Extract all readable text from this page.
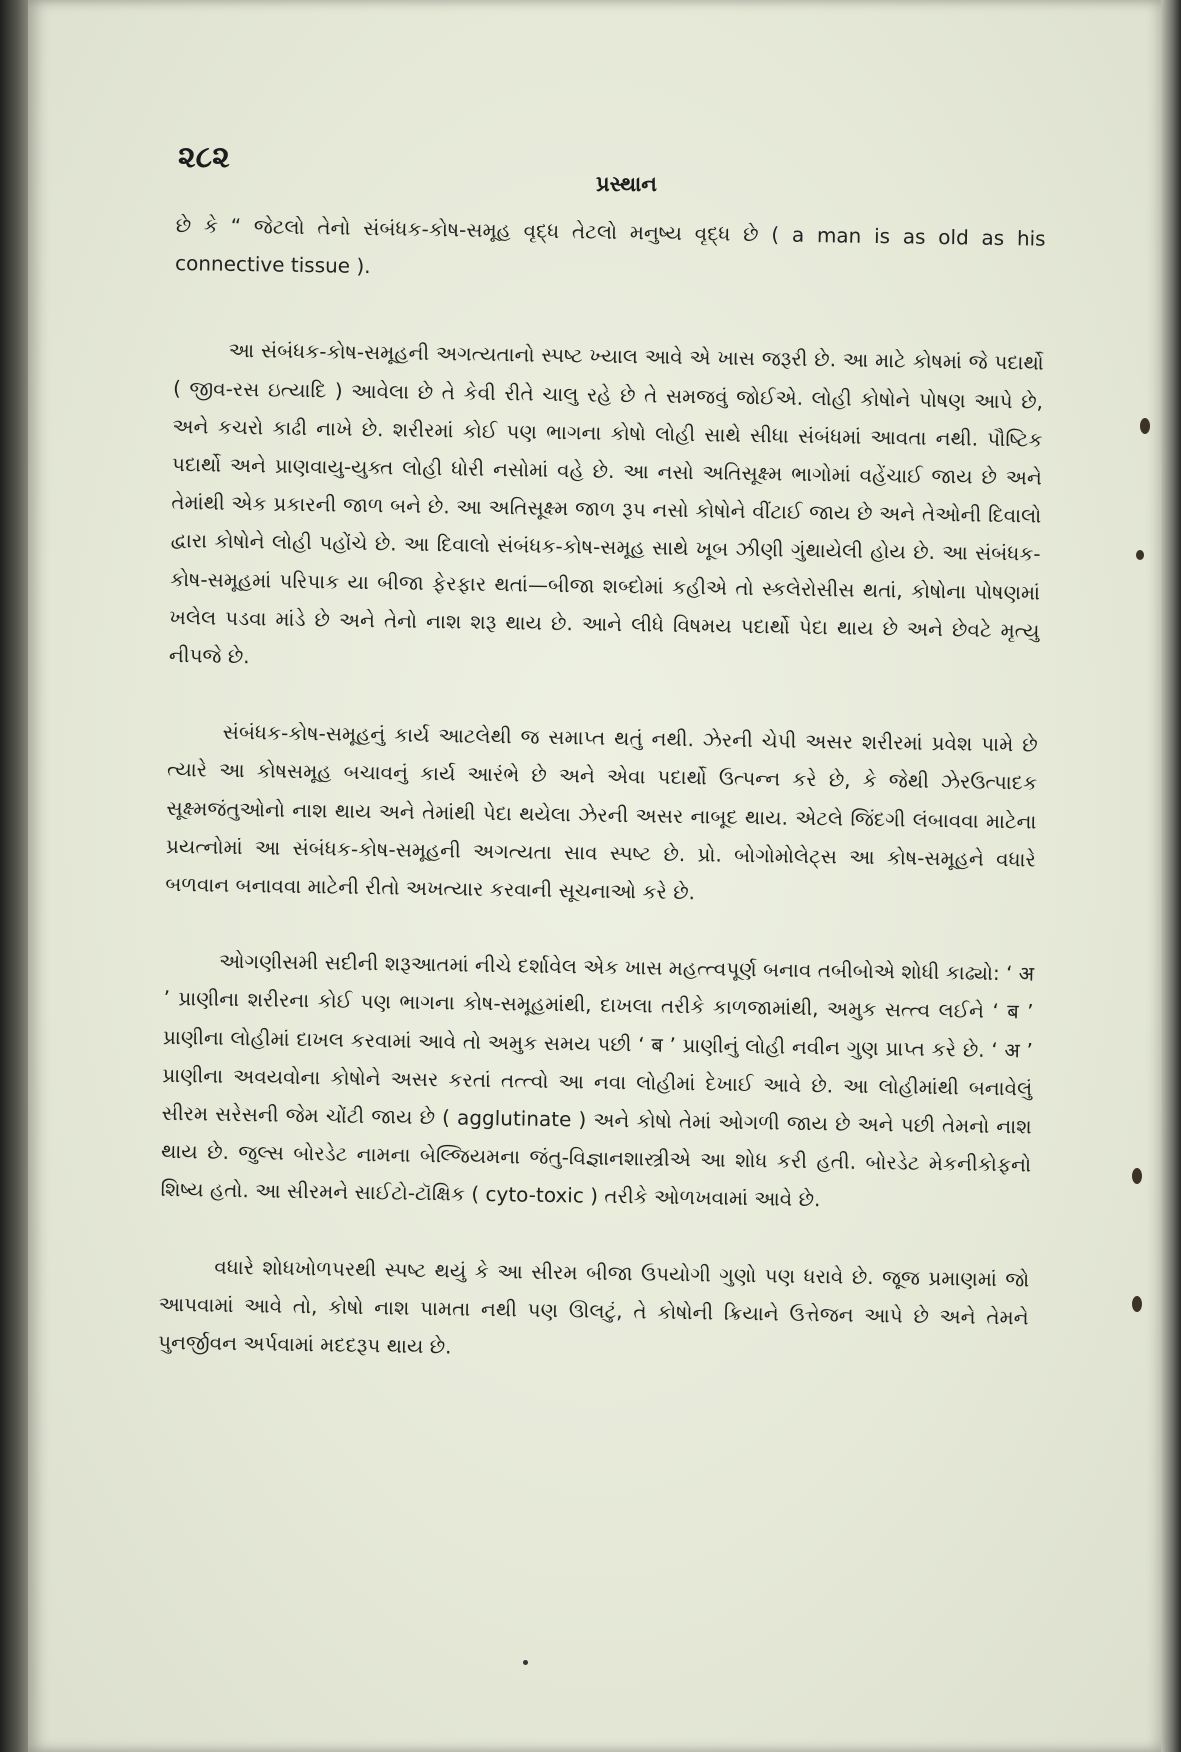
૨૮૨
પ્રસ્થાન

છે કે “ જેટલો તેનો સંબંધક-કોષ-સમૂહ વૃદ્ધ તેટલો મનુષ્ય વૃદ્ધ છે ( a man is as old as his connective tissue ).

આ સંબંધક-કોષ-સમૂહની અગત્યતાનો સ્પષ્ટ ખ્યાલ આવે એ ખાસ જરૂરી છે. આ માટે કોષમાં જે પદાર્થો ( જીવ-રસ ઇત્યાદિ ) આવેલા છે તે કેવી રીતે ચાલુ રહે છે તે સમજવું જોઈએ. લોહી કોષોને પોષણ આપે છે, અને કચરો કાઢી નાખે છે. શરીરમાં કોઈ પણ ભાગના કોષો લોહી સાથે સીધા સંબંધમાં આવતા નથી. પૌષ્ટિક પદાર્થો અને પ્રાણવાયુ-યુક્ત લોહી ધોરી નસોમાં વહે છે. આ નસો અતિસૂક્ષ્મ ભાગોમાં વહેંચાઈ જાય છે અને તેમાંથી એક પ્રકારની જાળ બને છે. આ અતિસૂક્ષ્મ જાળ રૂપ નસો કોષોને વીંટાઈ જાય છે અને તેઓની દિવાલો દ્વારા કોષોને લોહી પહોંચે છે. આ દિવાલો સંબંધક-કોષ-સમૂહ સાથે ખૂબ ઝીણી ગુંથાયેલી હોય છે. આ સંબંધક-કોષ-સમૂહમાં પરિપાક યા બીજા ફેરફાર થતાં—બીજા શબ્દોમાં કહીએ તો સ્કલેરોસીસ થતાં, કોષોના પોષણમાં ખલેલ પડવા માંડે છે અને તેનો નાશ શરૂ થાય છે. આને લીધે વિષમય પદાર્થો પેદા થાય છે અને છેવટે મૃત્યુ નીપજે છે.

સંબંધક-કોષ-સમૂહનું કાર્ય આટલેથી જ સમાપ્ત થતું નથી. ઝેરની ચેપી અસર શરીરમાં પ્રવેશ પામે છે ત્યારે આ કોષસમૂહ બચાવનું કાર્ય આરંભે છે અને એવા પદાર્થો ઉત્પન્ન કરે છે, કે જેથી ઝેરઉત્પાદક સૂક્ષ્મજંતુઓનો નાશ થાય અને તેમાંથી પેદા થયેલા ઝેરની અસર નાબૂદ થાય. એટલે જિંદગી લંબાવવા માટેના પ્રયત્નોમાં આ સંબંધક-કોષ-સમૂહની અગત્યતા સાવ સ્પષ્ટ છે. પ્રો. બોગોમોલેટ્સ આ કોષ-સમૂહને વધારે બળવાન બનાવવા માટેની રીતો અખત્યાર કરવાની સૂચનાઓ કરે છે.

ઓગણીસમી સદીની શરૂઆતમાં નીચે દર્શાવેલ એક ખાસ મહત્ત્વપૂર્ણ બનાવ તબીબોએ શોધી કાઢ્યો: ‘ अ ’ પ્રાણીના શરીરના કોઈ પણ ભાગના કોષ-સમૂહમાંથી, દાખલા તરીકે કાળજામાંથી, અમુક સત્ત્વ લઈને ‘ ब ’ પ્રાણીના લોહીમાં દાખલ કરવામાં આવે તો અમુક સમય પછી ‘ ब ’ પ્રાણીનું લોહી નવીન ગુણ પ્રાપ્ત કરે છે. ‘ अ ’ પ્રાણીના અવયવોના કોષોને અસર કરતાં તત્ત્વો આ નવા લોહીમાં દેખાઈ આવે છે. આ લોહીમાંથી બનાવેલું સીરમ સરેસની જેમ ચોંટી જાય છે ( agglutinate ) અને કોષો તેમાં ઓગળી જાય છે અને પછી તેમનો નાશ થાય છે. જુલ્સ બોરડેટ નામના બેલ્જિયમના જંતુ-વિજ્ઞાનશાસ્ત્રીએ આ શોધ કરી હતી. બોરડેટ મેકનીકોફનો શિષ્ય હતો. આ સીરમને સાઈટો-ટૉક્ષિક ( cyto-toxic ) તરીકે ઓળખવામાં આવે છે.

વધારે શોધખોળપરથી સ્પષ્ટ થયું કે આ સીરમ બીજા ઉપયોગી ગુણો પણ ધરાવે છે. જૂજ પ્રમાણમાં જો આપવામાં આવે તો, કોષો નાશ પામતા નથી પણ ઊલટું, તે કોષોની ક્રિયાને ઉત્તેજન આપે છે અને તેમને પુનર્જીવન અર્પવામાં મદદરૂપ થાય છે.
